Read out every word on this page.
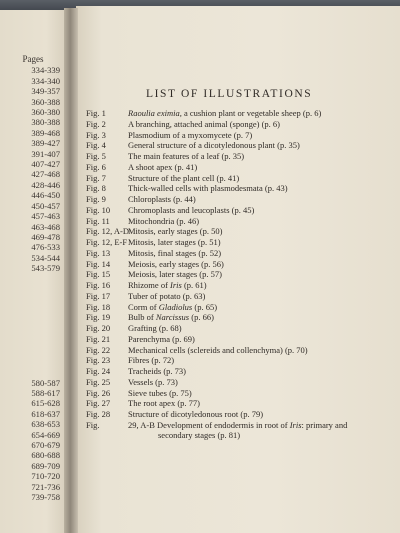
Pages
334-339
334-340
349-357
360-388
360-380
380-388
389-468
389-427
391-407
407-427
427-468
428-446
446-450
450-457
457-463
463-468
469-478
476-533
534-544
543-579
580-587
588-617
615-628
618-637
638-653
654-669
670-679
680-688
689-709
710-720
721-736
739-758
LIST OF ILLUSTRATIONS
Fig. 1	Raoulia eximia, a cushion plant or vegetable sheep (p. 6)
Fig. 2	A branching, attached animal (sponge) (p. 6)
Fig. 3	Plasmodium of a myxomycete (p. 7)
Fig. 4	General structure of a dicotyledonous plant (p. 35)
Fig. 5	The main features of a leaf (p. 35)
Fig. 6	A shoot apex (p. 41)
Fig. 7	Structure of the plant cell (p. 41)
Fig. 8	Thick-walled cells with plasmodesmata (p. 43)
Fig. 9	Chloroplasts (p. 44)
Fig. 10	Chromoplasts and leucoplasts (p. 45)
Fig. 11	Mitochondria (p. 46)
Fig. 12, A-D Mitosis, early stages (p. 50)
Fig. 12, E-F Mitosis, later stages (p. 51)
Fig. 13	Mitosis, final stages (p. 52)
Fig. 14	Meiosis, early stages (p. 56)
Fig. 15	Meiosis, later stages (p. 57)
Fig. 16	Rhizome of Iris (p. 61)
Fig. 17	Tuber of potato (p. 63)
Fig. 18	Corm of Gladiolus (p. 65)
Fig. 19	Bulb of Narcissus (p. 66)
Fig. 20	Grafting (p. 68)
Fig. 21	Parenchyma (p. 69)
Fig. 22	Mechanical cells (sclereids and collenchyma) (p. 70)
Fig. 23	Fibres (p. 72)
Fig. 24	Tracheids (p. 73)
Fig. 25	Vessels (p. 73)
Fig. 26	Sieve tubes (p. 75)
Fig. 27	The root apex (p. 77)
Fig. 28	Structure of dicotyledonous root (p. 79)
Fig.	29, A-B Development of endodermis in root of Iris: primary and
secondary stages (p. 81)
